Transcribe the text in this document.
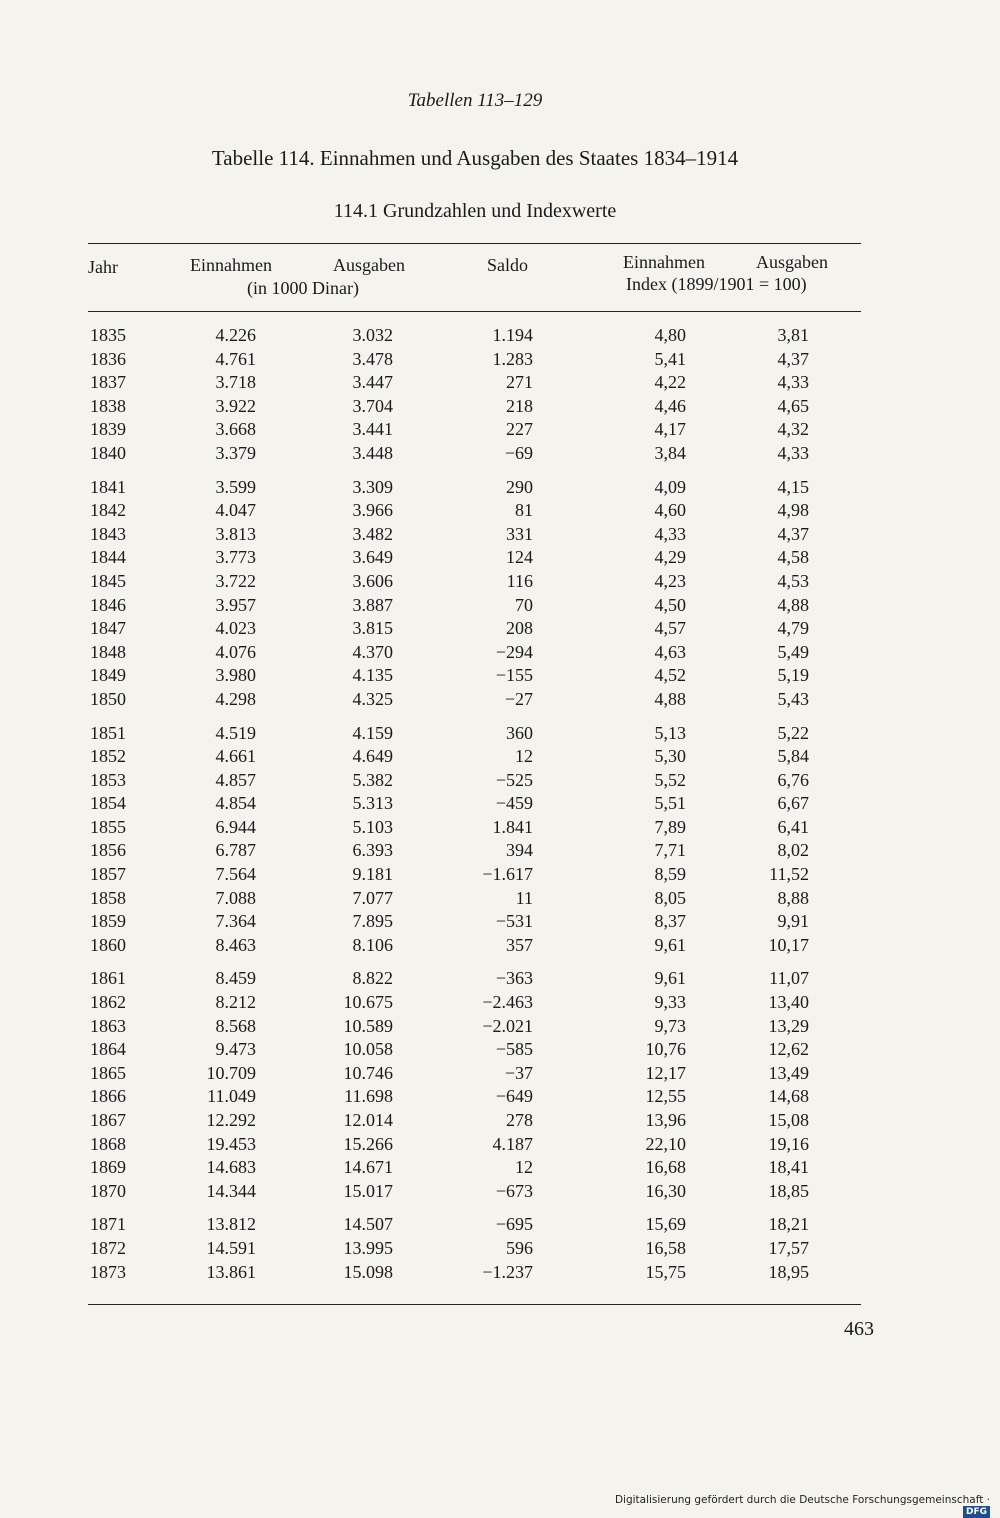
Tabellen 113–129
Tabelle 114. Einnahmen und Ausgaben des Staates 1834–1914
114.1 Grundzahlen und Indexwerte
Jahr	Einnahmen	Ausgaben
(in 1000 Dinar)
Saldo	Einnahmen	Ausgaben
Index (1899/1901 = 100)
1835	4.226	3.032	1.194	4,80	3,81
1836	4.761	3.478	1.283	5,41	4,37
1837	3.718	3.447	271	4,22	4,33
1838	3.922	3.704	218	4,46	4,65
1839	3.668	3.441	227	4,17	4,32
1840	3.379	3.448	−69	3,84	4,33
1841	3.599	3.309	290	4,09	4,15
1842	4.047	3.966	81	4,60	4,98
1843	3.813	3.482	331	4,33	4,37
1844	3.773	3.649	124	4,29	4,58
1845	3.722	3.606	116	4,23	4,53
1846	3.957	3.887	70	4,50	4,88
1847	4.023	3.815	208	4,57	4,79
1848	4.076	4.370	−294	4,63	5,49
1849	3.980	4.135	−155	4,52	5,19
1850	4.298	4.325	−27	4,88	5,43
1851	4.519	4.159	360	5,13	5,22
1852	4.661	4.649	12	5,30	5,84
1853	4.857	5.382	−525	5,52	6,76
1854	4.854	5.313	−459	5,51	6,67
1855	6.944	5.103	1.841	7,89	6,41
1856	6.787	6.393	394	7,71	8,02
1857	7.564	9.181	−1.617	8,59	11,52
1858	7.088	7.077	11	8,05	8,88
1859	7.364	7.895	−531	8,37	9,91
1860	8.463	8.106	357	9,61	10,17
1861	8.459	8.822	−363	9,61	11,07
1862	8.212	10.675	−2.463	9,33	13,40
1863	8.568	10.589	−2.021	9,73	13,29
1864	9.473	10.058	−585	10,76	12,62
1865	10.709	10.746	−37	12,17	13,49
1866	11.049	11.698	−649	12,55	14,68
1867	12.292	12.014	278	13,96	15,08
1868	19.453	15.266	4.187	22,10	19,16
1869	14.683	14.671	12	16,68	18,41
1870	14.344	15.017	−673	16,30	18,85
1871	13.812	14.507	−695	15,69	18,21
1872	14.591	13.995	596	16,58	17,57
1873	13.861	15.098	−1.237	15,75	18,95
463
Digitalisierung gefördert durch die Deutsche Forschungsgemeinschaft ·DFG
